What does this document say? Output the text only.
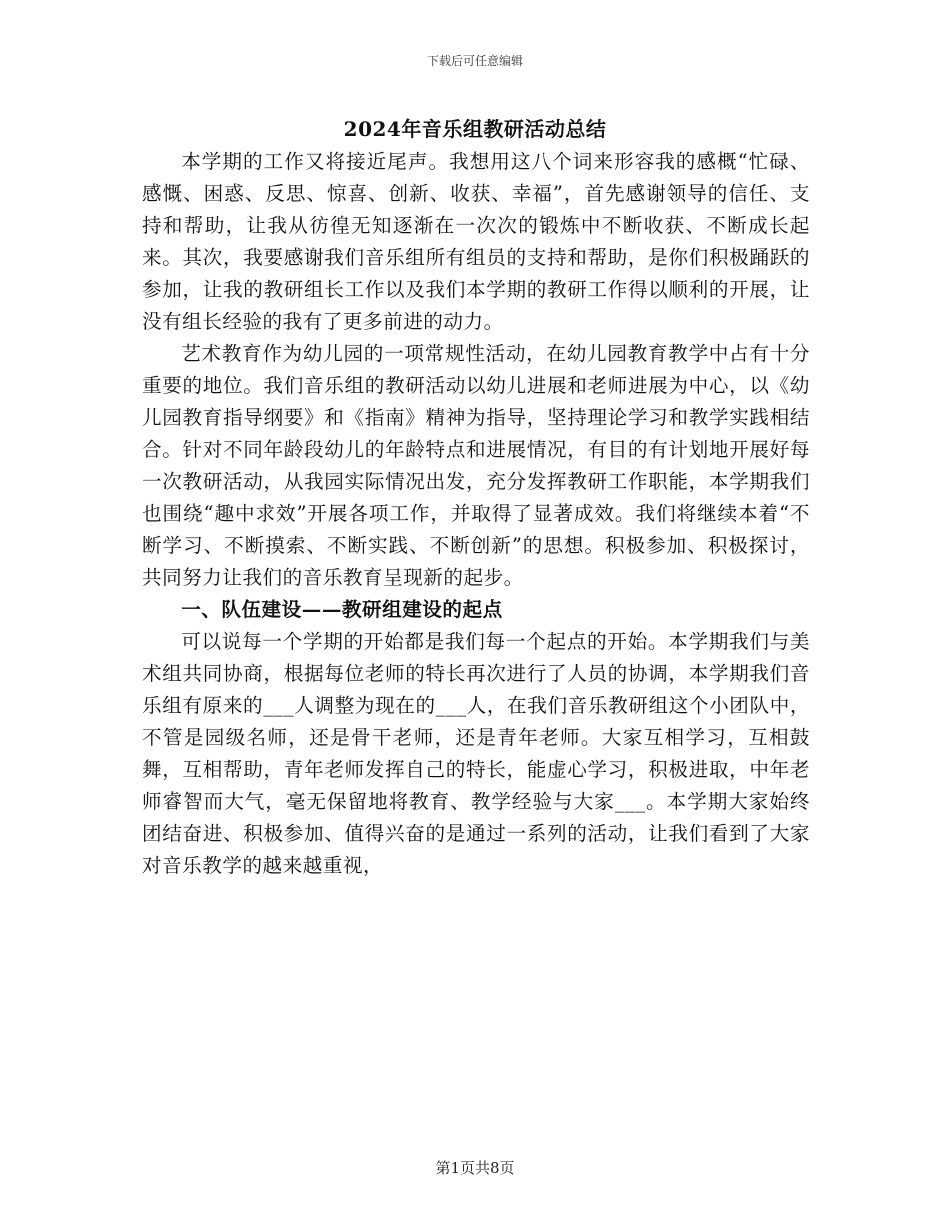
下载后可任意编辑
2024年音乐组教研活动总结

本学期的工作又将接近尾声。我想用这八个词来形容我的感概“忙碌、感慨、困惑、反思、惊喜、创新、收获、幸福”，首先感谢领导的信任、支持和帮助，让我从彷徨无知逐渐在一次次的锻炼中不断收获、不断成长起来。其次，我要感谢我们音乐组所有组员的支持和帮助，是你们积极踊跃的参加，让我的教研组长工作以及我们本学期的教研工作得以顺利的开展，让没有组长经验的我有了更多前进的动力。

艺术教育作为幼儿园的一项常规性活动，在幼儿园教育教学中占有十分重要的地位。我们音乐组的教研活动以幼儿进展和老师进展为中心，以《幼儿园教育指导纲要》和《指南》精神为指导，坚持理论学习和教学实践相结合。针对不同年龄段幼儿的年龄特点和进展情况，有目的有计划地开展好每一次教研活动，从我园实际情况出发，充分发挥教研工作职能，本学期我们也围绕“趣中求效”开展各项工作，并取得了显著成效。我们将继续本着“不断学习、不断摸索、不断实践、不断创新”的思想。积极参加、积极探讨，共同努力让我们的音乐教育呈现新的起步。

一、队伍建设——教研组建设的起点

可以说每一个学期的开始都是我们每一个起点的开始。本学期我们与美术组共同协商，根据每位老师的特长再次进行了人员的协调，本学期我们音乐组有原来的___人调整为现在的___人，在我们音乐教研组这个小团队中，不管是园级名师，还是骨干老师，还是青年老师。大家互相学习，互相鼓舞，互相帮助，青年老师发挥自己的特长，能虚心学习，积极进取，中年老师睿智而大气，毫无保留地将教育、教学经验与大家___。本学期大家始终团结奋进、积极参加、值得兴奋的是通过一系列的活动，让我们看到了大家对音乐教学的越来越重视，

第1页共8页
